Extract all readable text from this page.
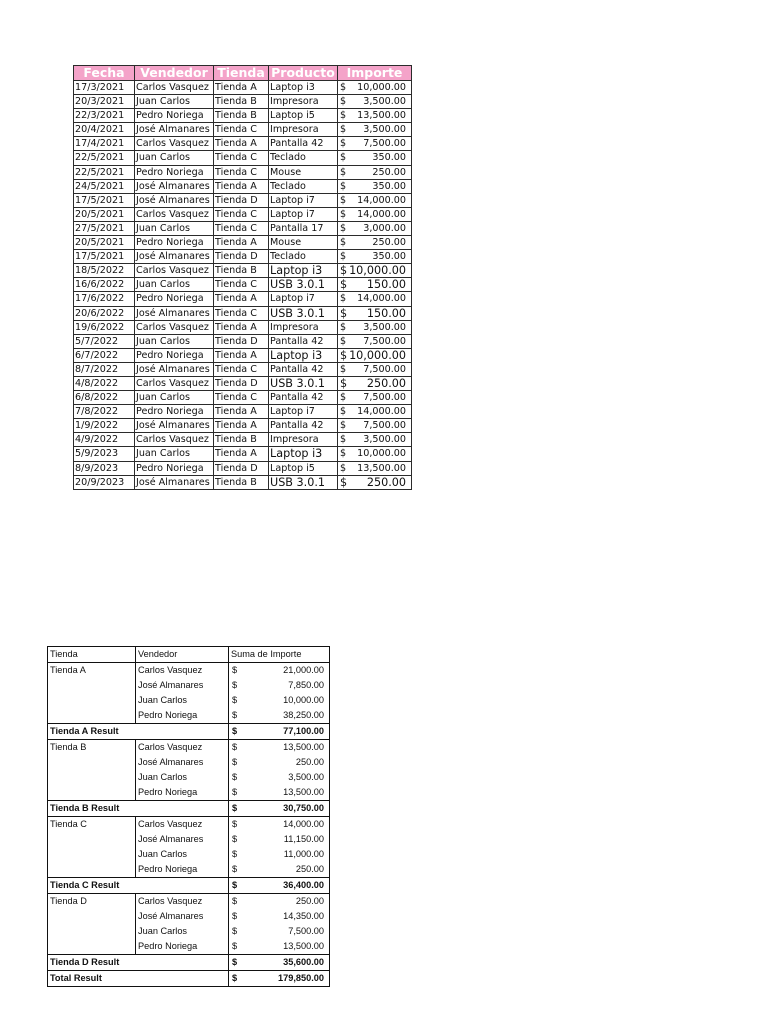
Fecha	Vendedor	Tienda	Producto	Importe
17/3/2021	Carlos Vasquez	Tienda A	Laptop i3	$ 10,000.00

20/3/2021	Juan Carlos	Tienda B	Impresora	$ 3,500.00

22/3/2021	Pedro Noriega	Tienda B	Laptop i5	$ 13,500.00

20/4/2021	José Almanares	Tienda C	Impresora	$ 3,500.00

17/4/2021	Carlos Vasquez	Tienda A	Pantalla 42	$ 7,500.00

22/5/2021	Juan Carlos	Tienda C	Teclado	$ 350.00

22/5/2021	Pedro Noriega	Tienda C	Mouse	$ 250.00

24/5/2021	José Almanares	Tienda A	Teclado	$ 350.00

17/5/2021	José Almanares	Tienda D	Laptop i7	$ 14,000.00

20/5/2021	Carlos Vasquez	Tienda C	Laptop i7	$ 14,000.00

27/5/2021	Juan Carlos	Tienda C	Pantalla 17	$ 3,000.00

20/5/2021	Pedro Noriega	Tienda A	Mouse	$ 250.00

17/5/2021	José Almanares	Tienda D	Teclado	$ 350.00

18/5/2022	Carlos Vasquez	Tienda B	Laptop i3	$ 10,000.00

16/6/2022	Juan Carlos	Tienda C	USB 3.0.1	$ 150.00

17/6/2022	Pedro Noriega	Tienda A	Laptop i7	$ 14,000.00

20/6/2022	José Almanares	Tienda C	USB 3.0.1	$ 150.00

19/6/2022	Carlos Vasquez	Tienda A	Impresora	$ 3,500.00

5/7/2022	Juan Carlos	Tienda D	Pantalla 42	$ 7,500.00

6/7/2022	Pedro Noriega	Tienda A	Laptop i3	$ 10,000.00

8/7/2022	José Almanares	Tienda C	Pantalla 42	$ 7,500.00

4/8/2022	Carlos Vasquez	Tienda D	USB 3.0.1	$ 250.00

6/8/2022	Juan Carlos	Tienda C	Pantalla 42	$ 7,500.00

7/8/2022	Pedro Noriega	Tienda A	Laptop i7	$ 14,000.00

1/9/2022	José Almanares	Tienda A	Pantalla 42	$ 7,500.00

4/9/2022	Carlos Vasquez	Tienda B	Impresora	$ 3,500.00

5/9/2023	Juan Carlos	Tienda A	Laptop i3	$ 10,000.00

8/9/2023	Pedro Noriega	Tienda D	Laptop i5	$ 13,500.00

20/9/2023	José Almanares	Tienda B	USB 3.0.1	$ 250.00
Tienda	Vendedor	Suma de Importe
Tienda A	Carlos Vasquez	$ 21,000.00

	José Almanares	$ 7,850.00

	Juan Carlos	$ 10,000.00

	Pedro Noriega	$ 38,250.00

Tienda A Result		$ 77,100.00

Tienda B	Carlos Vasquez	$ 13,500.00

	José Almanares	$ 250.00

	Juan Carlos	$ 3,500.00

	Pedro Noriega	$ 13,500.00

Tienda B Result		$ 30,750.00

Tienda C	Carlos Vasquez	$ 14,000.00

	José Almanares	$ 11,150.00

	Juan Carlos	$ 11,000.00

	Pedro Noriega	$ 250.00

Tienda C Result		$ 36,400.00

Tienda D	Carlos Vasquez	$ 250.00

	José Almanares	$ 14,350.00

	Juan Carlos	$ 7,500.00

	Pedro Noriega	$ 13,500.00

Tienda D Result		$ 35,600.00

Total Result		$ 179,850.00
